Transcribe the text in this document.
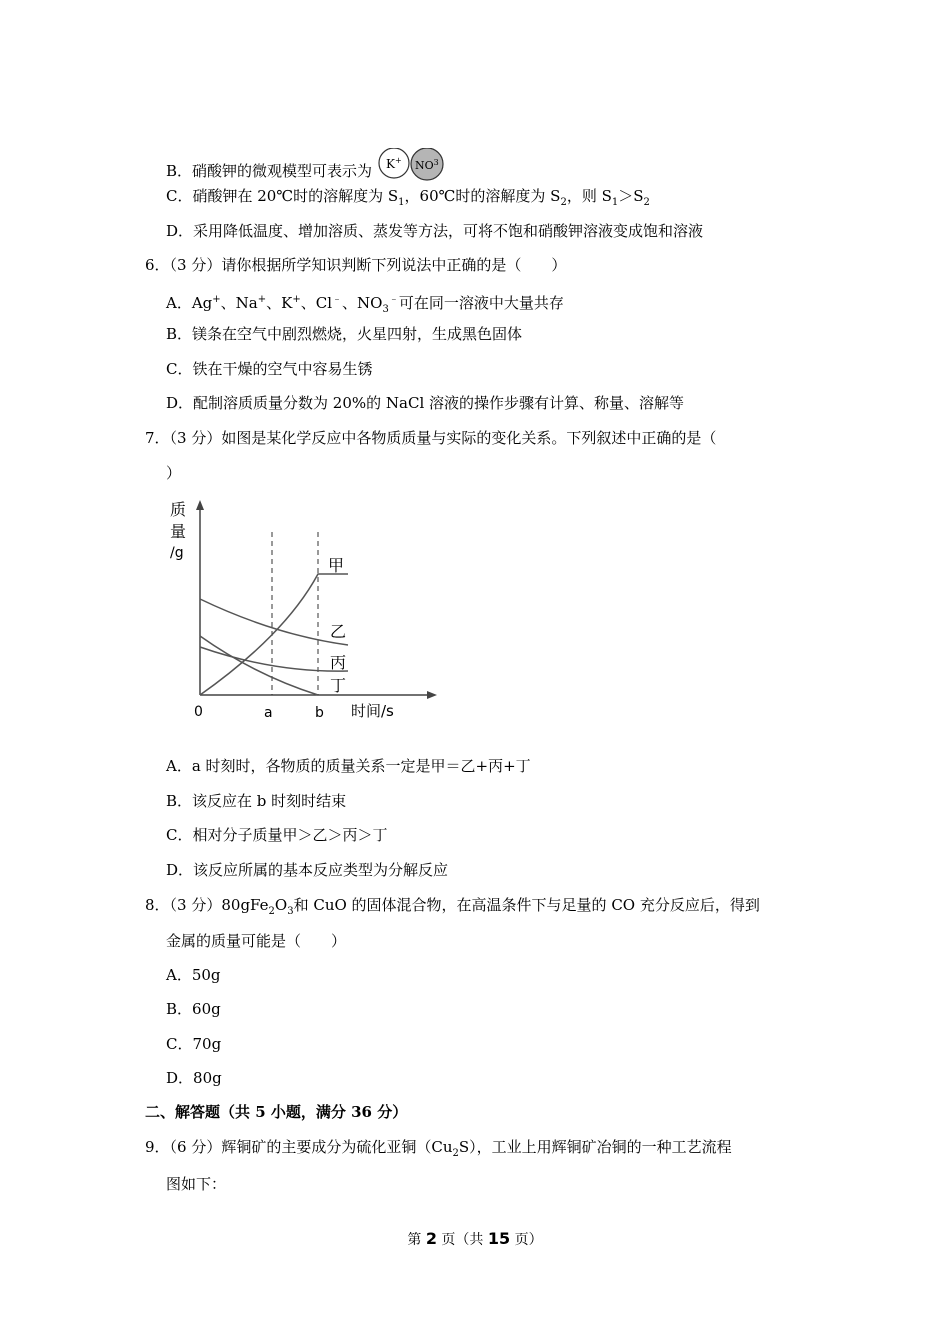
B．硝酸钾的微观模型可表示为 K+ $NO^3$
C．硝酸钾在 20℃时的溶解度为 $S_1$，60℃时的溶解度为 $S_2$，则 $S_1>S_2$
D．采用降低温度、增加溶质、蒸发等方法，可将不饱和硝酸钾溶液变成饱和溶液
6．（3 分）请你根据所学知识判断下列说法中正确的是（　　）
A．Ag+、Na+、K+、Cl﹣、$NO_3^﹣$可在同一溶液中大量共存
B．镁条在空气中剧烈燃烧，火星四射，生成黑色固体
C．铁在干燥的空气中容易生锈
D．配制溶质质量分数为 20%的 NaCl 溶液的操作步骤有计算、称量、溶解等
7．（3 分）如图是某化学反应中各物质质量与实际的变化关系。下列叙述中正确的是（
）
质
量
/g
0	a	b 时间/s
甲
乙
丙
丁
A．a 时刻时，各物质的质量关系一定是甲＝乙+丙+丁
B．该反应在 b 时刻时结束
C．相对分子质量甲＞乙＞丙＞丁
D．该反应所属的基本反应类型为分解反应
8．（3 分）$80gFe_2O_3$和 CuO 的固体混合物，在高温条件下与足量的 CO 充分反应后，得到
金属的质量可能是（　　）
A．50g
B．60g
C．70g
D．80g
二、解答题（共 5 小题，满分 36 分）
9．（6 分）辉铜矿的主要成分为硫化亚铜$(Cu_2S)$，工业上用辉铜矿冶铜的一种工艺流程
图如下：
第 2 页（共 15 页）
